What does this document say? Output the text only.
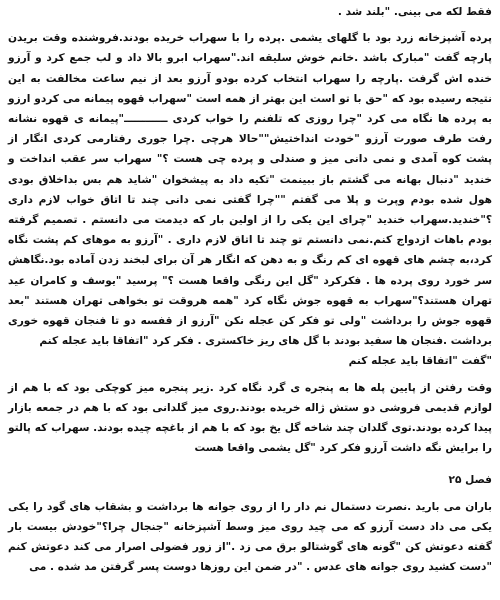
فقط لکه می بینی. "بلند شد .

پرده آشپزخانه زرد بود با گلهای یشمی .پرده را با سهراب خریده بودند.فروشنده وقت بریدن پارچه گفت "مبارک باشد .خانم خوش سلیقه اند."سهراب ابرو بالا داد و لب جمع کرد و آرزو خنده اش گرفت .پارچه را سهراب انتخاب کرده بودو آرزو بعد از نیم ساعت مخالفت به این نتیجه رسیده بود که "حق با تو است این بهتر از همه است "سهراب قهوه پیمانه می کردو ارزو به پرده ها نگاه می کرد "چرا روزی که تلفنم را خواب کردی ــــــــــــ"پیمانه ی قهوه نشانه رفت طرف صورت آرزو "خودت انداختیش""حالا هرچی .چرا جوری رفتارمی کردی انگار از پشت کوه آمدی و نمی دانی میز و صندلی و پرده چی هست ؟" سهراب سر عقب انداخت و خندید "دنبال بهانه می گشتم باز ببینمت "تکیه داد به پیشخوان "شاید هم بس بداخلاق بودی هول شده بودم وپرت و پلا می گفتم ""چرا گفتی نمی دانی چند تا اتاق خواب لازم داری ؟"خندید.سهراب خندید "چرای این یکی را از اولین بار که دیدمت می دانستم . تصمیم گرفته بودم باهات ازدواج کنم.نمی دانستم تو چند تا اتاق لازم داری . "آرزو به موهای کم پشت نگاه کرد،به چشم های قهوه ای کم رنگ و به دهن که انگار هر آن برای لبخند زدن آماده بود.نگاهش سر خورد روی پرده ها . فکرکرد "گل این رنگی واقعا هست ؟" پرسید "یوسف و کامران عید تهران هستند؟"سهراب به قهوه جوش نگاه کرد "همه هروقت تو بخواهی تهران هستند "بعد قهوه جوش را برداشت "ولی تو فکر کن عجله نکن "آرزو از قفسه دو تا فنجان قهوه خوری برداشت .فنجان ها سفید بودند با گل های ریز خاکستری . فکر کرد "اتفاقا باید عجله کنم

"گفت "اتفاقا باید عجله کنم

وقت رفتن از پایین پله ها به پنجره ی گرد نگاه کرد .زیر پنجره میز کوچکی بود که با هم از لوازم قدیمی فروشی دو ستش ژاله خریده بودند.روی میز گلدانی بود که با هم در جمعه بازار پیدا کرده بودند.توی گلدان چند شاخه گل یخ بود که با هم از باغچه چیده بودند. سهراب که پالتو را برایش نگه داشت آرزو فکر کرد "گل یشمی واقعا هست

فصل ۲۵

باران می بارید .نصرت دستمال نم دار را از روی جوانه ها برداشت و بشقاب های گود را یکی یکی می داد دست آرزو که می چید روی میز وسط آشپزخانه "جنجال چرا؟"خودش بیست بار گفته دعوتش کن "گونه های گوشتالو برق می زد ."از زور فضولی اصرار می کند دعوتش کنم "دست کشید روی جوانه های عدس . "در ضمن این روزها دوست پسر گرفتن مد شده . می
